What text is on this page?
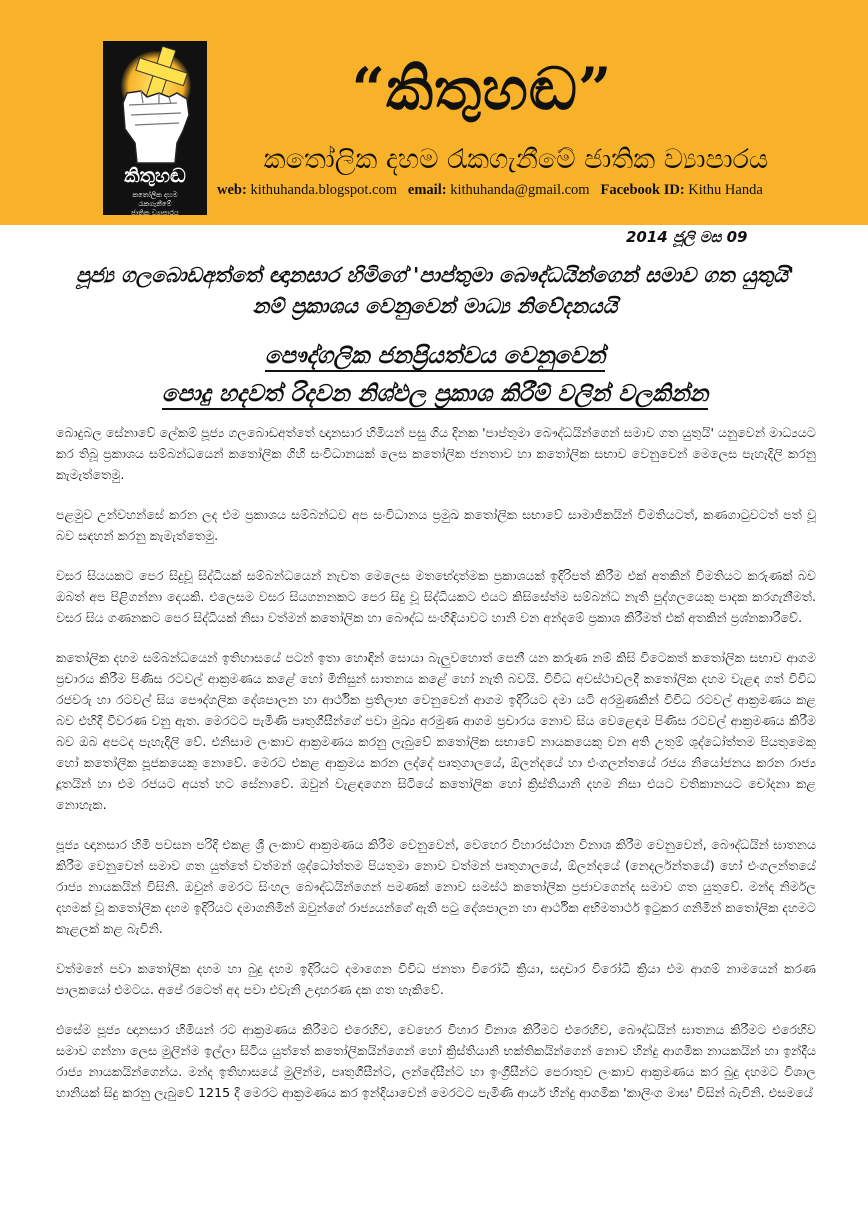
කිතුහඬ
කතෝලික දහම
රැකගැනීමේ
ජාතික ව්‍යාපාරය
“කිතුහඬ”
කතෝලික දහම රැකගැනීමේ ජාතික ව්‍යාපාරය
web: kithuhanda.blogspot.com email: kithuhanda@gmail.com Facebook ID: Kithu Handa
2014 ජූලි මස 09
පූජ්‍ය ගලබොඩඅත්තේ ඥානසාර හිමිගේ 'පාප්තුමා බෞද්ධයින්ගෙන් සමාව ගත යුතුයි' නම් ප්‍රකාශය වෙනුවෙන් මාධ්‍ය නිවේදනයයි
පෞද්ගලික ජනප්‍රියත්වය වෙනුවෙන්
පොදු හදවත් රිදවන නිශ්ඵල ප්‍රකාශ කිරීම් වලින් වලකින්න

බොදුබල සේනාවේ ලේකම් පූජ්‍ය ගලබොඩඅත්තේ ඥානසාර හිමියන් පසු ගිය දිනක 'පාප්තුමා බෞද්ධයින්ගෙන් සමාව ගත යුතුයි' යනුවෙන් මාධ්‍යයට කර තිබූ ප්‍රකාශය සම්බන්ධයෙන් කතෝලික ගිහි සංවිධානයක් ලෙස කතෝලික ජනතාව හා කතෝලික සභාව වෙනුවෙන් මෙලෙස පැහැදිලි කරනු කැමැත්තෙමු.

පළමුව උන්වහන්සේ කරන ලද එම ප්‍රකාශය සම්බන්ධව අප සංවිධානය ප්‍රමුඛ කතෝලික සභාවේ සාමාජිකයින් විමතියටත්, කණගාටුවටත් පත් වූ බව සඳහන් කරනු කැමැත්තෙමු.

වසර සියයකට පෙර සිදුවූ සිද්ධියක් සම්බන්ධයෙන් නැවත මෙලෙස මතභේදාත්මක ප්‍රකාශයක් ඉදිරිපත් කිරීම එක් අතකින් විමතියට කරුණක් බව ඔබත් අප පිළිගන්නා දෙයකි. එලෙසම වසර සියගනනකට පෙර සිදු වූ සිද්ධියකට එයට කිසිසේත්ම සම්බන්ධ නැති පුද්ගලයෙකු පාදක කරගැනීමත්. වසර සිය ගණනකට පෙර සිද්ධියක් නිසා වත්මන් කතෝලික හා බෞද්ධ සංහිඳියාවට හානි වන අන්දමේ ප්‍රකාශ කිරීමත් එක් අතකින් ප්‍රශ්නකාරීවේ.

කතෝලික දහම සම්බන්ධයෙන් ඉතිහාසයේ පටන් ඉතා හොඳින් සොයා බැලුවහොත් පෙනී යන කරුණ නම් කිසි විටෙකත් කතෝලික සභාව ආගම ප්‍රචාරය කිරීම පිණිස රටවල් ආක්‍රමණය කළේ හෝ මිනිසුන් ඝාතනය කළේ හෝ නැති බවයි. විවිධ අවස්ථාවලදී කතෝලික දහම වැළඳ ගත් විවිධ රජවරු හා රටවල් සිය පෞද්ගලික දේශපාලන හා ආර්ථික ප්‍රතිලාභ වෙනුවෙන් ආගම ඉදිරියට දමා යටි අරමුණකින් විවිධ රටවල් ආක්‍රමණය කළ බව එහිදී විවරණ වනු ඇත. මෙරටට පැමිණි පෘතුගීසීන්ගේ පවා මුඛ්‍ය අරමුණ ආගම ප්‍රචාරය නොව සිය වෙළෙඳාම පිණිස රටවල් ආක්‍රමණය කිරීම බව ඔබ අපටද පැහැදිලි වේ. එනිසාම ලංකාව ආක්‍රමණය කරනු ලැබුවේ කතෝලික සභාවේ නායකයෙකු වන අති උතුම් ශුද්ධෝත්තම පියතුමෙකු හෝ කතෝලික පූජකයෙකු නොවේ. මෙරට එකළ ආක්‍රමය කරන ලද්දේ පෘතුගාලයේ, ඕලන්දයේ හා එංගලන්තයේ රජය නියෝජනය කරන රාජ්‍ය දූතයින් හා එම රජයට අයත් හට සේනාවේ. ඔවුන් වැළඳගෙන සිටියේ කතෝලික හෝ ක්‍රිස්තියානි දහම නිසා එයට වතිකානයට චෝදනා කළ නොහැක.

පූජ්‍ය ඥානසාර හිමි පවසන පරිදි එකළ ශ්‍රී ලංකාව ආක්‍රමණය කිරීම වෙනුවෙන්, වෙහෙර විහාරස්ථාන විනාශ කිරීම වෙනුවෙන්, බෞද්ධයින් ඝාතනය කිරීම වෙනුවෙන් සමාව ගත යුත්තේ වත්මන් ශුද්ධෝත්තම පියතුමා නොව වත්මන් පෘතුගාලයේ, ඕලන්දයේ (නෙදර්ලන්තයේ) හෝ එංගලන්තයේ රාජ්‍ය නායකයින් විසිනි. ඔවුන් මෙරට සිංහල බෞද්ධයින්ගෙන් පමණක් නොව සමස්ථ කතෝලික ප්‍රජාවගෙන්ද සමාව ගත යුතුවේ. මන්ද නිර්මල දහමක් වූ කතෝලික දහම ඉදිරියට දමාගනිමින් ඔවුන්ගේ රාජ්‍යයන්ගේ ඇති පටු දේශපාලන හා ආර්ථික අභිමතාර්ථ ඉටුකර ගනිමින් කතෝලික දහමට කැළලක් කළ බැවිනි.

වත්මනේ පවා කතෝලික දහම හා බුදු දහම ඉදිරියට දමාගෙන විවිධ ජනතා විරෝධී ක්‍රියා, සදාචාර විරෝධී ක්‍රියා එම ආගම් නාමයෙන් කරණ පාලකයෝ එමටය. අපේ රටෙත් අද පවා එවැනි උදාහරණ දක ගත හැකිවේ.

එසේම පූජ්‍ය ඥානසාර හිමියන් රට ආක්‍රමණය කිරීමට එරෙහිව, වෙහෙර විහාර විනාශ කිරීමට එරෙහිව, බෞද්ධයින් ඝාතනය කිරීමට එරෙහිව සමාව ගන්නා ලෙස මුලින්ම ඉල්ලා සිටිය යුත්තේ කතෝලිකයින්ගෙන් හෝ ක්‍රිස්තියානි භක්තිකයින්ගෙන් නොව හින්දු ආගමික නායකයින් හා ඉන්දීය රාජ්‍ය නායකයින්ගෙන්ය. මන්ද ඉතිහාසයේ මුලින්ම, පෘතුගීසීන්ට, ලන්දේසීන්ට හා ඉංග්‍රීසීන්ට පෙරාතුව ලංකාව ආක්‍රමණය කර බුදු දහමට විශාල හානියක් සිදු කරනු ලැබුවේ 1215 දී මෙරට ආක්‍රමණය කර ඉන්දියාවෙන් මෙරටට පැමිණි ආර්ය හින්දු ආගමික 'කාලිංග මාඝ' විසින් බැවිනි. එසමයේ
